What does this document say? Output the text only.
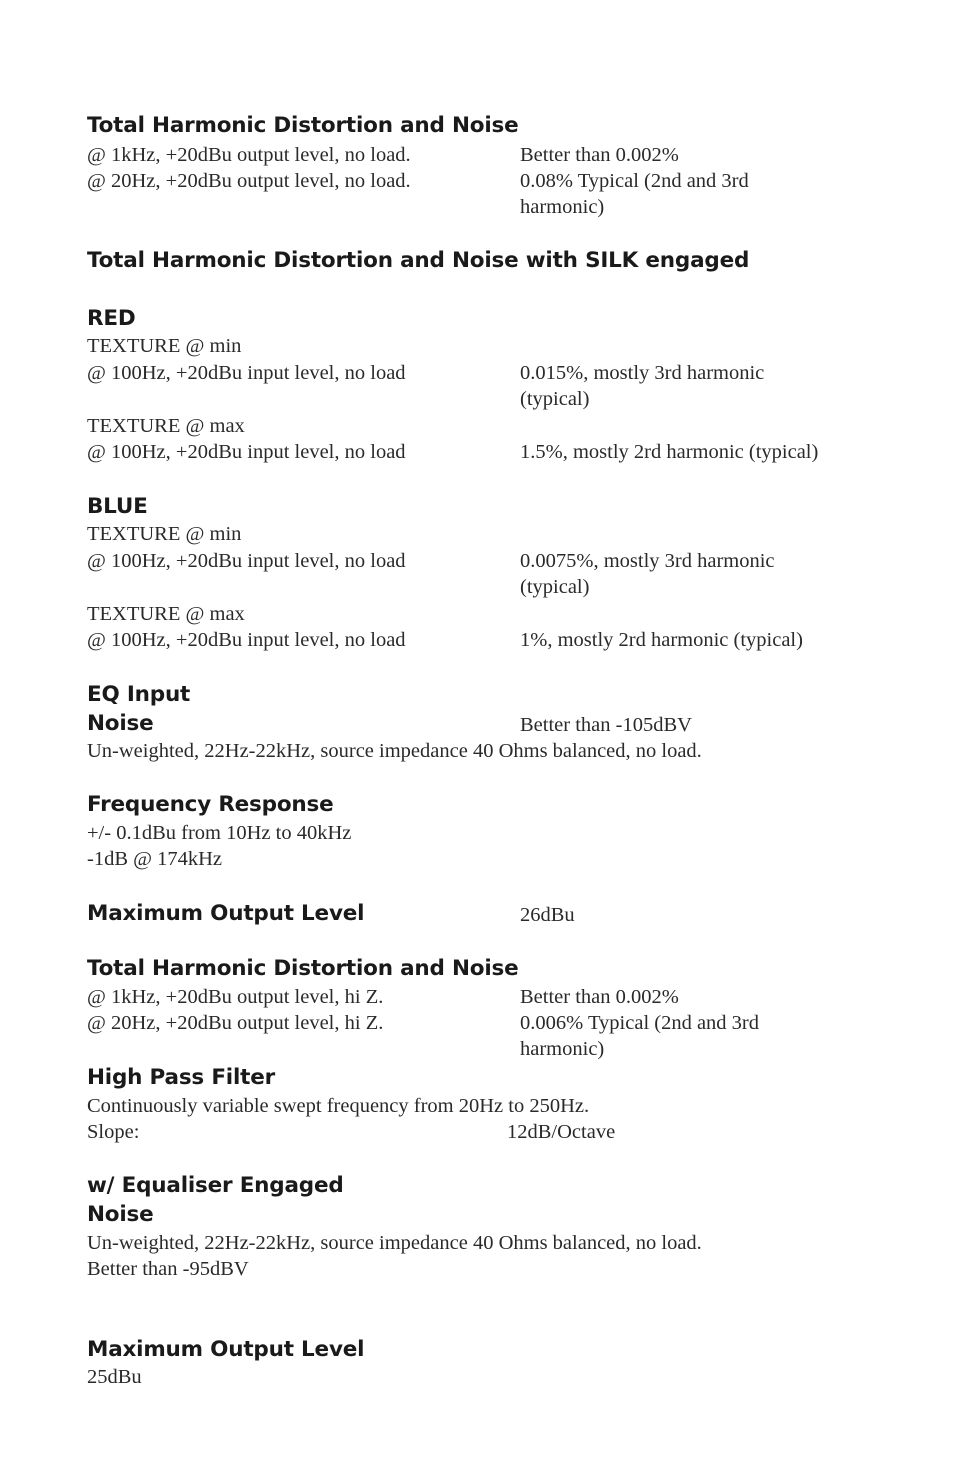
Total Harmonic Distortion and Noise
@ 1kHz, +20dBu output level, no load.	Better than 0.002%
@ 20Hz, +20dBu output level, no load.	0.08% Typical (2nd and 3rd
harmonic)
Total Harmonic Distortion and Noise with SILK engaged
RED
TEXTURE @ min
@ 100Hz, +20dBu input level, no load	0.015%, mostly 3rd harmonic
(typical)
TEXTURE @ max
@ 100Hz, +20dBu input level, no load	1.5%, mostly 2rd harmonic (typical)
BLUE
TEXTURE @ min
@ 100Hz, +20dBu input level, no load	0.0075%, mostly 3rd harmonic
(typical)
TEXTURE @ max
@ 100Hz, +20dBu input level, no load	1%, mostly 2rd harmonic (typical)
EQ Input
Noise	Better than -105dBV
Un-weighted, 22Hz-22kHz, source impedance 40 Ohms balanced, no load.
Frequency Response
+/- 0.1dBu from 10Hz to 40kHz
-1dB @ 174kHz
Maximum Output Level	26dBu
Total Harmonic Distortion and Noise
@ 1kHz, +20dBu output level, hi Z.	Better than 0.002%
@ 20Hz, +20dBu output level, hi Z.	0.006% Typical (2nd and 3rd
harmonic)
High Pass Filter
Continuously variable swept frequency from 20Hz to 250Hz.
Slope:	12dB/Octave
w/ Equaliser Engaged
Noise
Un-weighted, 22Hz-22kHz, source impedance 40 Ohms balanced, no load.
Better than -95dBV
Maximum Output Level
25dBu
